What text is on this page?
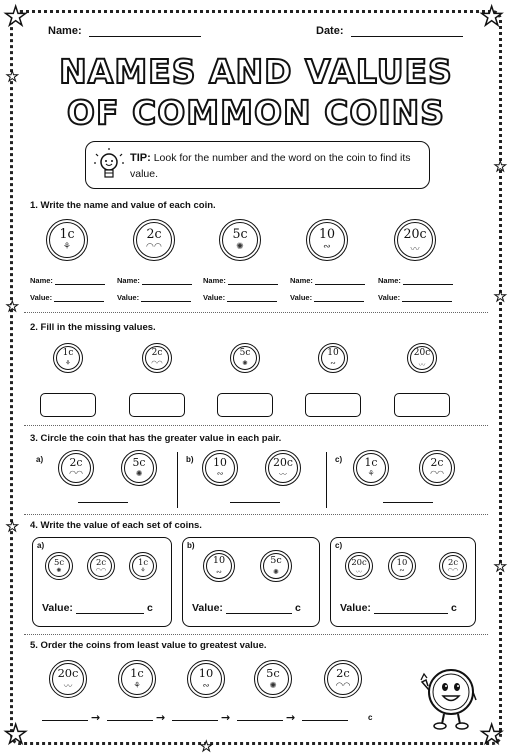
★	★
★	★
★
★
★
★
★
★
★
Name:	Date:
NAMES AND VALUES
OF COMMON COINS
TIP: Look for the number and the word on the coin to find its value.
1. Write the name and value of each coin.
1c
⚘
Name:
Value:
2c
◠◠
Name:
Value:
5c
✺
Name:
Value:
10
∾
Name:
Value:
20c
〰
Name:
Value:
2. Fill in the missing values.
1c
⚘
2c
◠◠
5c
✺
10
∾
20c
〰
3. Circle the coin that has the greater value in each pair.
a)	2c
◠◠
5c
✺
b)	10
∾
20c
〰
c)	1c
⚘
2c
◠◠
4. Write the value of each set of coins.
a)
5c
✺
2c
◠◠
1c
⚘
Value:	c
b)
10
∾
5c
✺
Value:	c
c)
20c
〰
10
∾
2c
◠◠
Value:	c
5. Order the coins from least value to greatest value.
20c
〰
1c
⚘
10
∾
5c
✺
2c
◠◠
→	→	→	→	c
